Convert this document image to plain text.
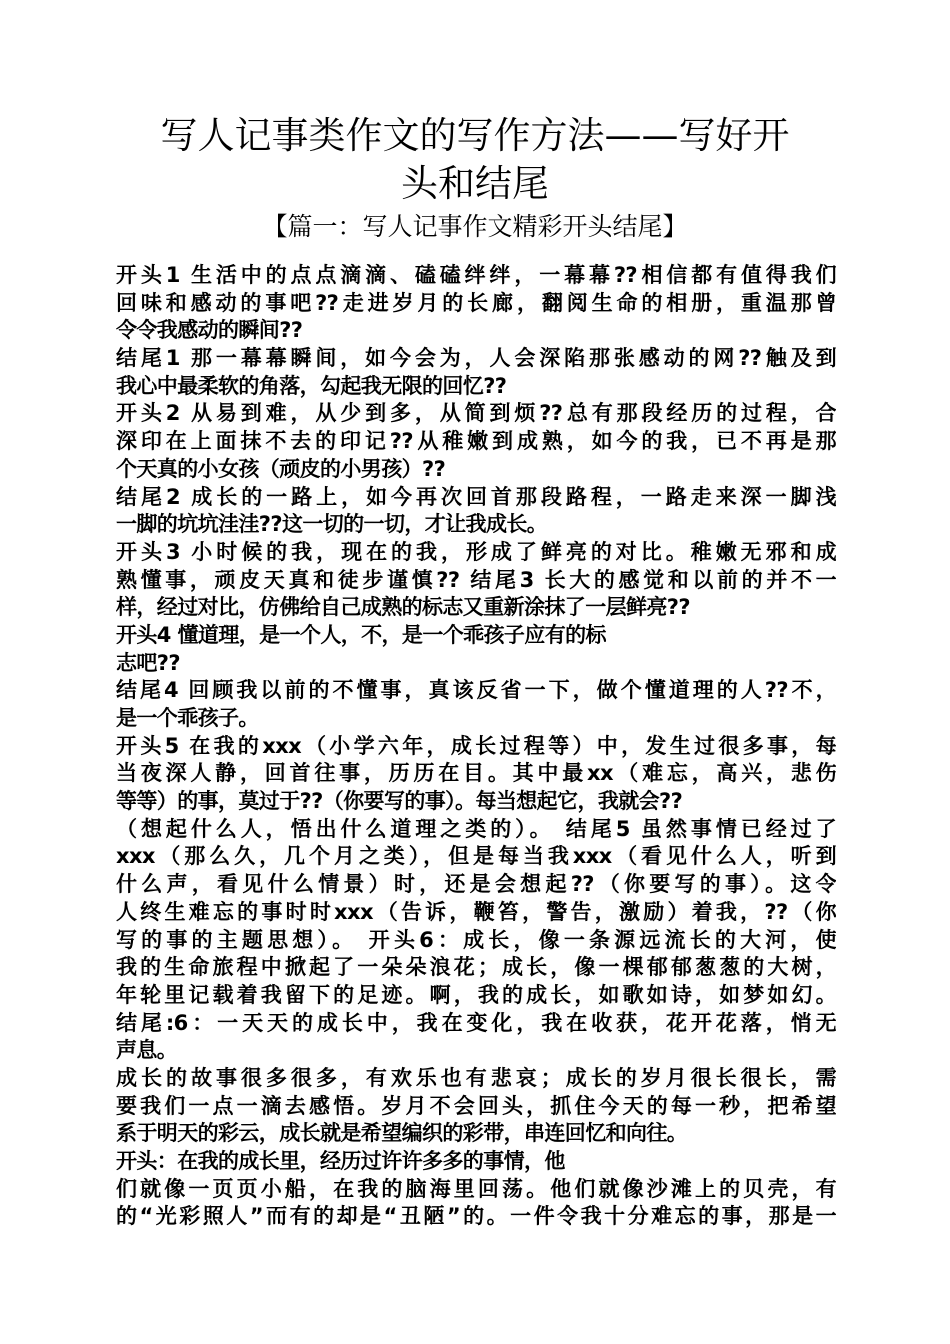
写人记事类作文的写作方法——写好开
头和结尾
【篇一：写人记事作文精彩开头结尾】
开头1 生活中的点点滴滴、磕磕绊绊，一幕幕??相信都有值得我们
回味和感动的事吧??走进岁月的长廊，翻阅生命的相册，重温那曾
令令我感动的瞬间??
结尾1 那一幕幕瞬间，如今会为，人会深陷那张感动的网??触及到
我心中最柔软的角落，勾起我无限的回忆??
开头2 从易到难，从少到多，从简到烦??总有那段经历的过程，合
深印在上面抹不去的印记??从稚嫩到成熟，如今的我，已不再是那
个天真的小女孩（顽皮的小男孩）??
结尾2 成长的一路上，如今再次回首那段路程，一路走来深一脚浅
一脚的坑坑洼洼??这一切的一切，才让我成长。
开头3 小时候的我，现在的我，形成了鲜亮的对比。稚嫩无邪和成
熟懂事，顽皮天真和徒步谨慎?? 结尾3 长大的感觉和以前的并不一
样，经过对比，仿佛给自己成熟的标志又重新涂抹了一层鲜亮??
开头4 懂道理，是一个人，不，是一个乖孩子应有的标
志吧??
结尾4 回顾我以前的不懂事，真该反省一下，做个懂道理的人??不，
是一个乖孩子。
开头5 在我的xxx（小学六年，成长过程等）中，发生过很多事，每
当夜深人静，回首往事，历历在目。其中最xx（难忘，高兴，悲伤
等等）的事，莫过于??（你要写的事）。每当想起它，我就会??
（想起什么人，悟出什么道理之类的）。 结尾5 虽然事情已经过了
xxx（那么久，几个月之类），但是每当我xxx（看见什么人，听到
什么声，看见什么情景）时，还是会想起??（你要写的事）。这令
人终生难忘的事时时xxx（告诉，鞭笞，警告，激励）着我，??（你
写的事的主题思想）。 开头6：成长，像一条源远流长的大河，使
我的生命旅程中掀起了一朵朵浪花；成长，像一棵郁郁葱葱的大树，
年轮里记载着我留下的足迹。啊，我的成长，如歌如诗，如梦如幻。
结尾:6：一天天的成长中，我在变化，我在收获，花开花落，悄无
声息。
成长的故事很多很多，有欢乐也有悲哀；成长的岁月很长很长，需
要我们一点一滴去感悟。岁月不会回头，抓住今天的每一秒，把希望
系于明天的彩云，成长就是希望编织的彩带，串连回忆和向往。
开头：在我的成长里，经历过许许多多的事情，他
们就像一页页小船，在我的脑海里回荡。他们就像沙滩上的贝壳，有
的“光彩照人”而有的却是“丑陋”的。一件令我十分难忘的事，那是一
